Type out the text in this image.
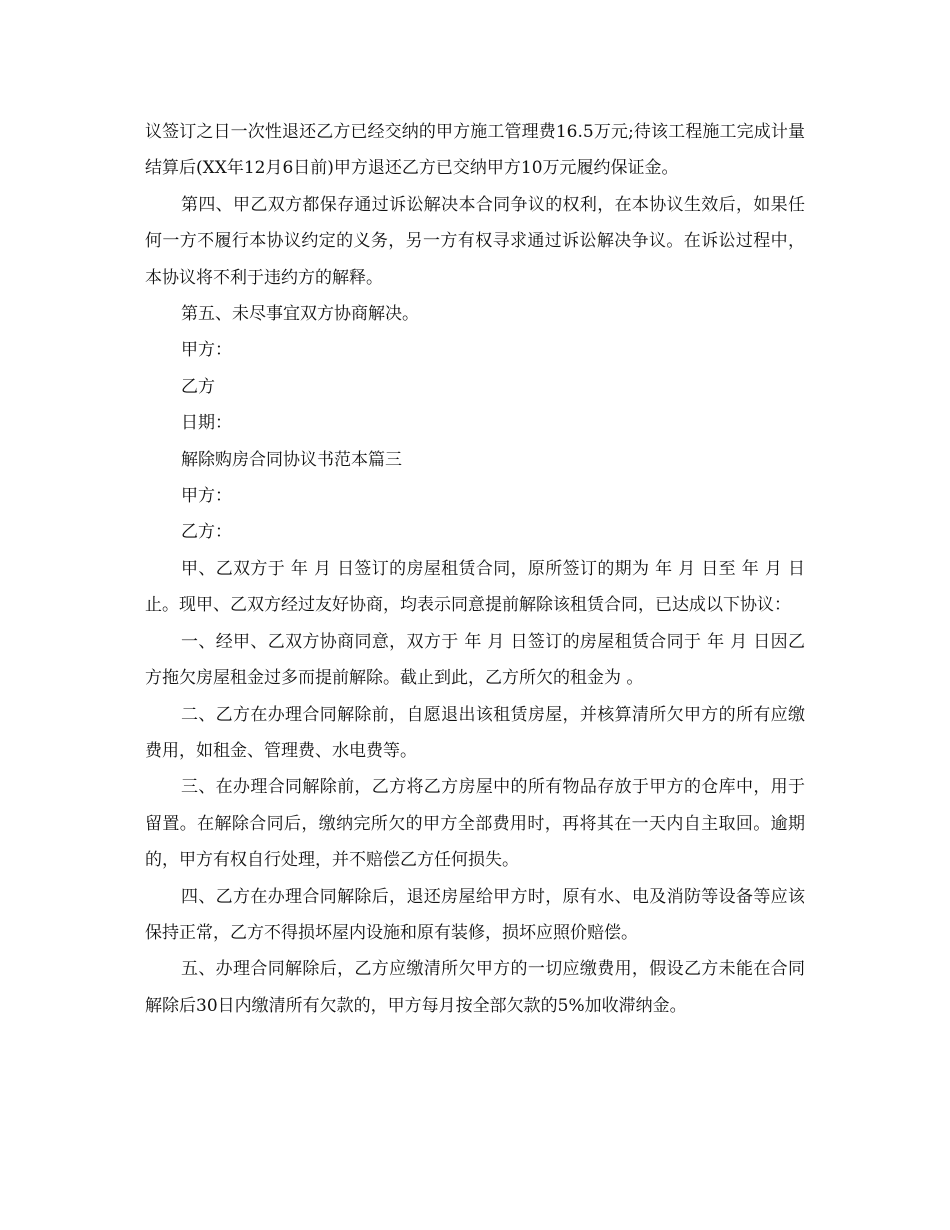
议签订之日一次性退还乙方已经交纳的甲方施工管理费16.5万元;待该工程施工完成计量结算后(XX年12月6日前)甲方退还乙方已交纳甲方10万元履约保证金。

第四、甲乙双方都保存通过诉讼解决本合同争议的权利，在本协议生效后，如果任何一方不履行本协议约定的义务，另一方有权寻求通过诉讼解决争议。在诉讼过程中，本协议将不利于违约方的解释。

第五、未尽事宜双方协商解决。

甲方：

乙方

日期：

解除购房合同协议书范本篇三

甲方：

乙方：

甲、乙双方于 年 月 日签订的房屋租赁合同，原所签订的期为 年 月 日至 年 月 日止。现甲、乙双方经过友好协商，均表示同意提前解除该租赁合同，已达成以下协议：

一、经甲、乙双方协商同意，双方于 年 月 日签订的房屋租赁合同于 年 月 日因乙方拖欠房屋租金过多而提前解除。截止到此，乙方所欠的租金为 。

二、乙方在办理合同解除前，自愿退出该租赁房屋，并核算清所欠甲方的所有应缴费用，如租金、管理费、水电费等。

三、在办理合同解除前，乙方将乙方房屋中的所有物品存放于甲方的仓库中，用于留置。在解除合同后，缴纳完所欠的甲方全部费用时，再将其在一天内自主取回。逾期的，甲方有权自行处理，并不赔偿乙方任何损失。

四、乙方在办理合同解除后，退还房屋给甲方时，原有水、电及消防等设备等应该保持正常，乙方不得损坏屋内设施和原有装修，损坏应照价赔偿。

五、办理合同解除后，乙方应缴清所欠甲方的一切应缴费用，假设乙方未能在合同解除后30日内缴清所有欠款的，甲方每月按全部欠款的5%加收滞纳金。
